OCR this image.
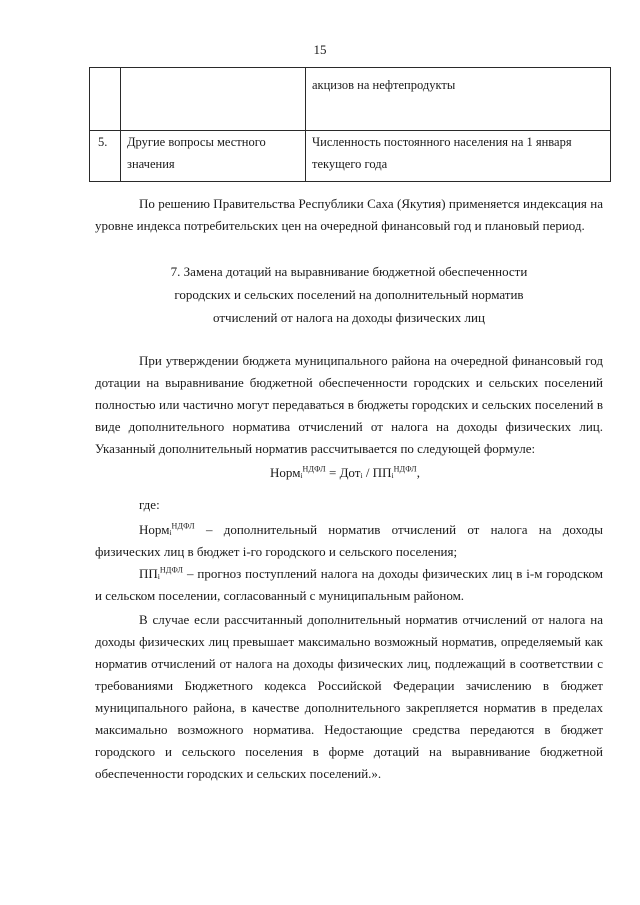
15
		акцизов на нефтепродукты
5.	Другие вопросы местного значения	Численность постоянного населения на 1 января текущего года

По решению Правительства Республики Саха (Якутия) применяется индексация на уровне индекса потребительских цен на очередной финансовый год и плановый период.

7. Замена дотаций на выравнивание бюджетной обеспеченности
городских и сельских поселений на дополнительный норматив
отчислений от налога на доходы физических лиц

При утверждении бюджета муниципального района на очередной финансовый год дотации на выравнивание бюджетной обеспеченности городских и сельских поселений полностью или частично могут передаваться в бюджеты городских и сельских поселений в виде дополнительного норматива отчислений от налога на доходы физических лиц. Указанный дополнительный норматив рассчитывается по следующей формуле:

Нормᵢ$^{НДФЛ}$ = Дотᵢ / ППᵢ$^{НДФЛ}$,
где:

Нормᵢ$^{НДФЛ}$ – дополнительный норматив отчислений от налога на доходы физических лиц в бюджет i-го городского и сельского поселения;

ППᵢ$^{НДФЛ}$ – прогноз поступлений налога на доходы физических лиц в i-м городском и сельском поселении, согласованный с муниципальным районом.

В случае если рассчитанный дополнительный норматив отчислений от налога на доходы физических лиц превышает максимально возможный норматив, определяемый как норматив отчислений от налога на доходы физических лиц, подлежащий в соответствии с требованиями Бюджетного кодекса Российской Федерации зачислению в бюджет муниципального района, в качестве дополнительного закрепляется норматив в пределах максимально возможного норматива. Недостающие средства передаются в бюджет городского и сельского поселения в форме дотаций на выравнивание бюджетной обеспеченности городских и сельских поселений.».
